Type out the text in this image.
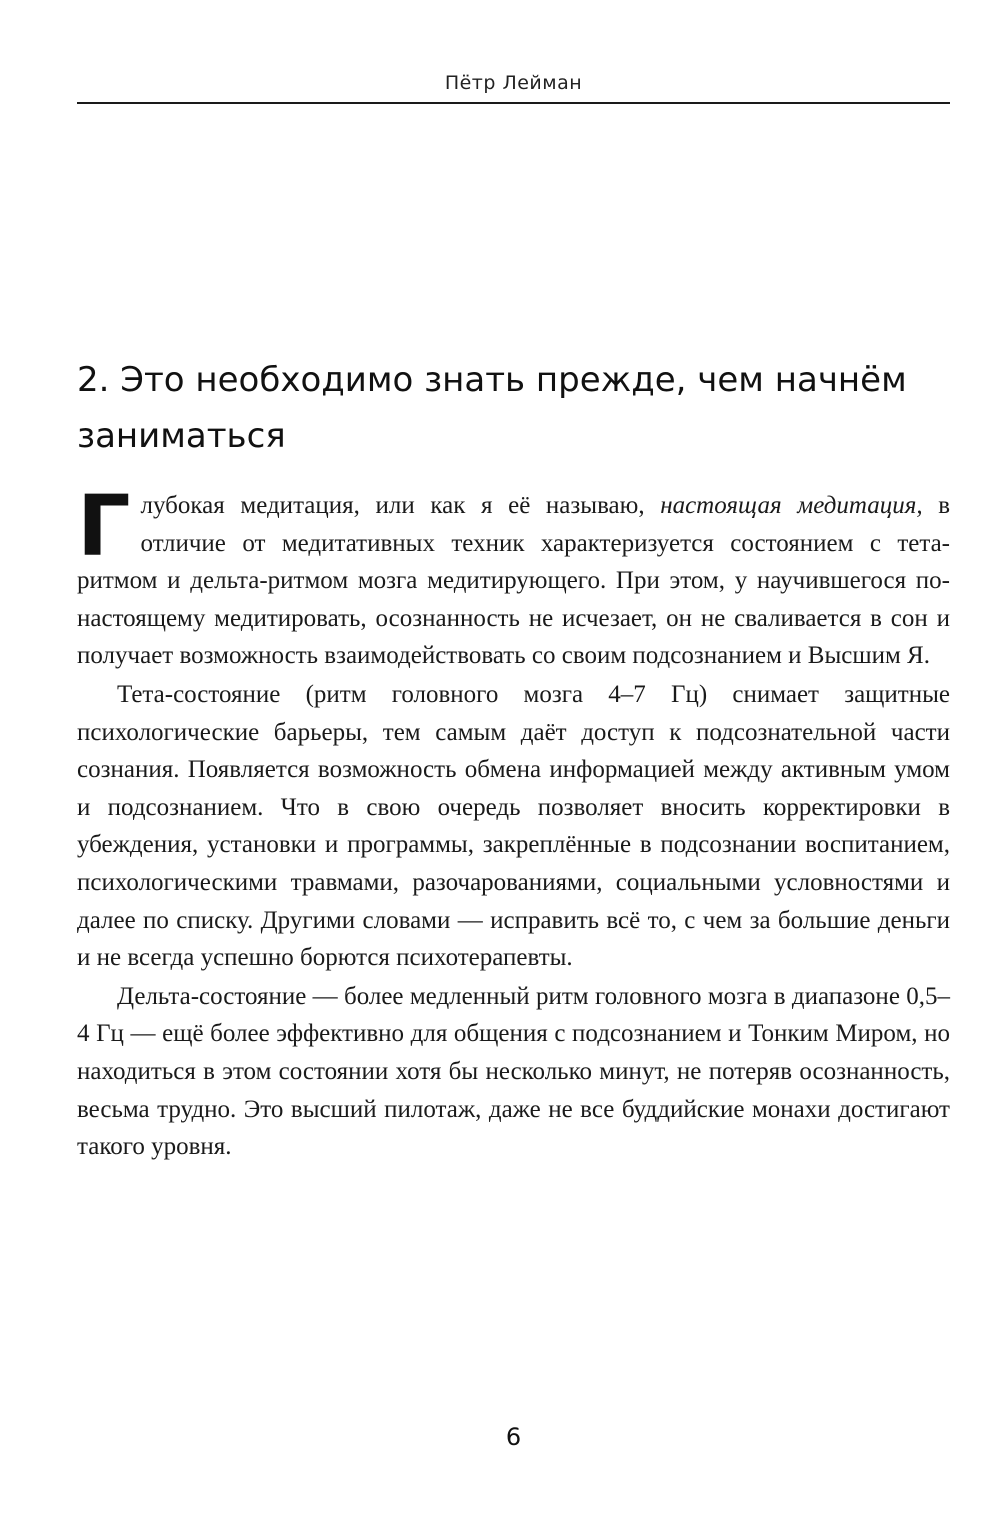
Пётр Лейман
2. Это необходимо знать прежде, чем начнём заниматься

Глубокая медитация, или как я её называю, настоящая медитация, в отличие от медитативных техник характеризуется состоянием с тета-ритмом и дельта-ритмом мозга медитирующего. При этом, у научившегося по-настоящему медитировать, осознанность не исчезает, он не сваливается в сон и получает возможность взаимодействовать со своим подсознанием и Высшим Я.

Тета-состояние (ритм головного мозга 4–7 Гц) снимает защитные психологические барьеры, тем самым даёт доступ к подсознательной части сознания. Появляется возможность обмена информацией между активным умом и подсознанием. Что в свою очередь позволяет вносить корректировки в убеждения, установки и программы, закреплённые в подсознании воспитанием, психологическими травмами, разочарованиями, социальными условностями и далее по списку. Другими словами — исправить всё то, с чем за большие деньги и не всегда успешно борются психотерапевты.

Дельта-состояние — более медленный ритм головного мозга в диапазоне 0,5–4 Гц — ещё более эффективно для общения с подсознанием и Тонким Миром, но находиться в этом состоянии хотя бы несколько минут, не потеряв осознанность, весьма трудно. Это высший пилотаж, даже не все буддийские монахи достигают такого уровня.

6
